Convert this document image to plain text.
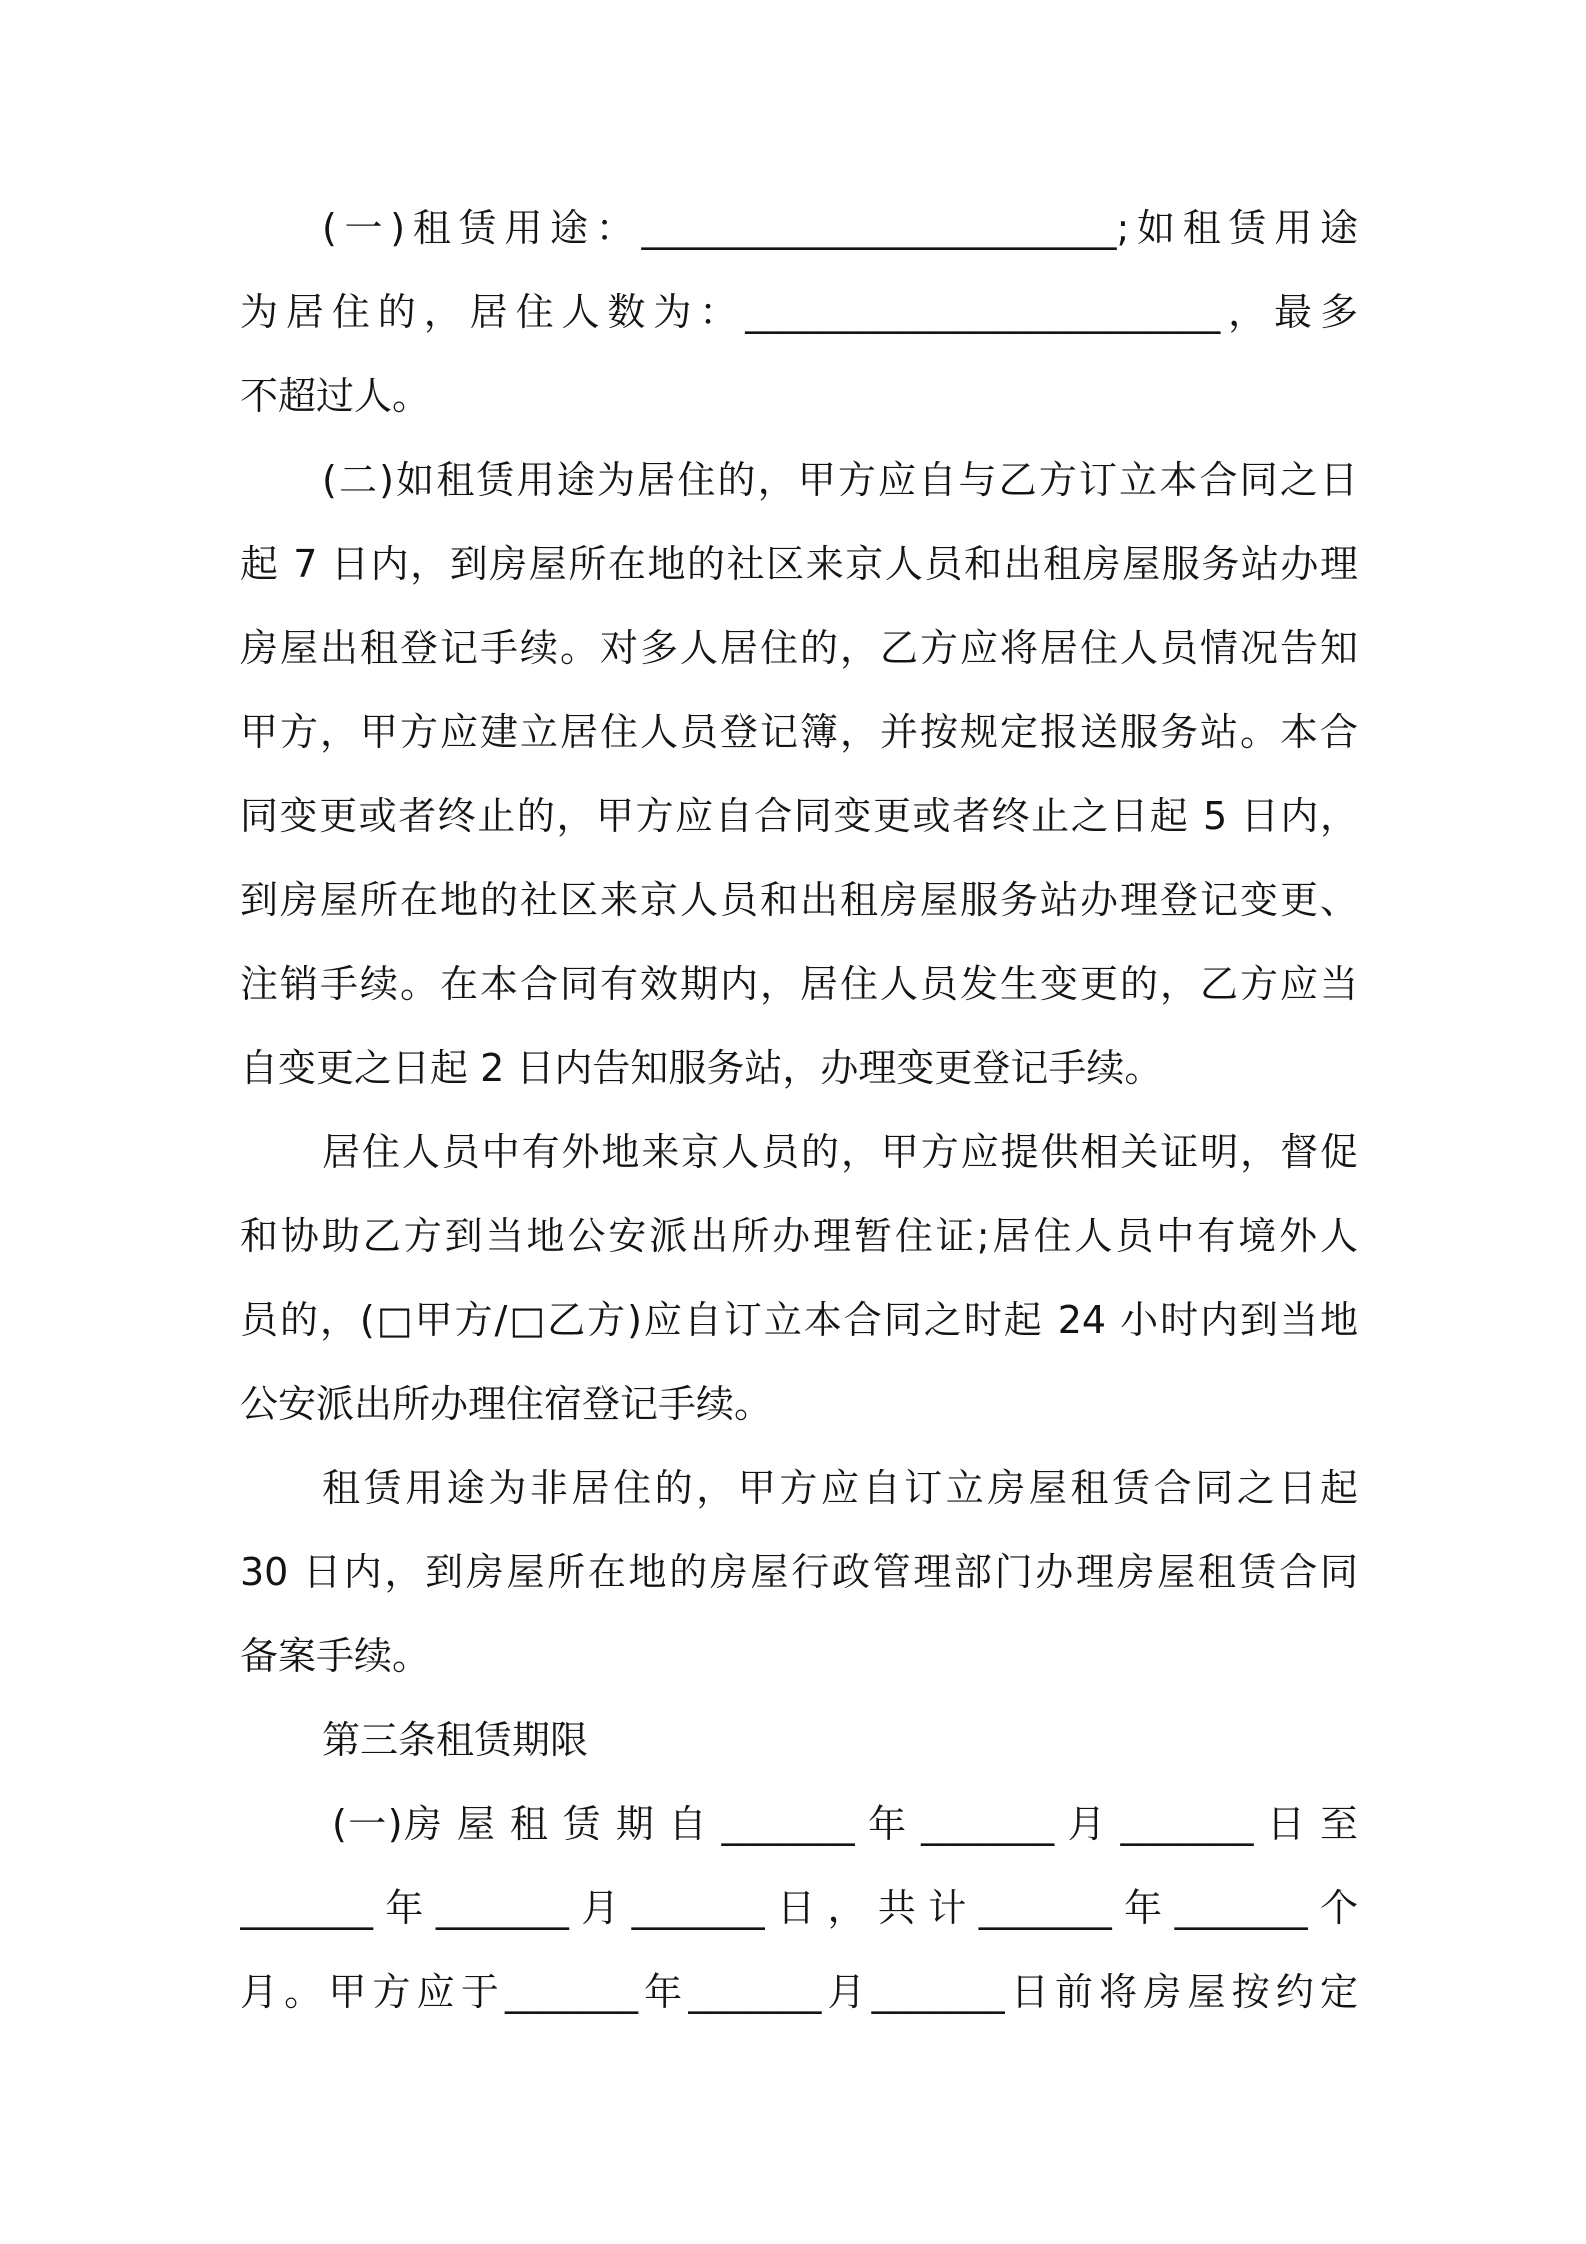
(一)租赁用途：_________________________;如租赁用途
为居住的，居住人数为：_________________________，最多
不超过人。
(二)如租赁用途为居住的，甲方应自与乙方订立本合同之日
起 7 日内，到房屋所在地的社区来京人员和出租房屋服务站办理
房屋出租登记手续。对多人居住的，乙方应将居住人员情况告知
甲方，甲方应建立居住人员登记簿，并按规定报送服务站。本合
同变更或者终止的，甲方应自合同变更或者终止之日起 5 日内，
到房屋所在地的社区来京人员和出租房屋服务站办理登记变更、
注销手续。在本合同有效期内，居住人员发生变更的，乙方应当
自变更之日起 2 日内告知服务站，办理变更登记手续。
居住人员中有外地来京人员的，甲方应提供相关证明，督促
和协助乙方到当地公安派出所办理暂住证;居住人员中有境外人
员的，(□甲方/□乙方)应自订立本合同之时起 24 小时内到当地
公安派出所办理住宿登记手续。
租赁用途为非居住的，甲方应自订立房屋租赁合同之日起
30 日内，到房屋所在地的房屋行政管理部门办理房屋租赁合同
备案手续。
第三条租赁期限
(一)房 屋 租 赁 期 自 _______ 年 _______ 月 _______ 日 至
_______年_______月_______日，共计_______年_______个
月。甲方应于_______年_______月_______日前将房屋按约定
